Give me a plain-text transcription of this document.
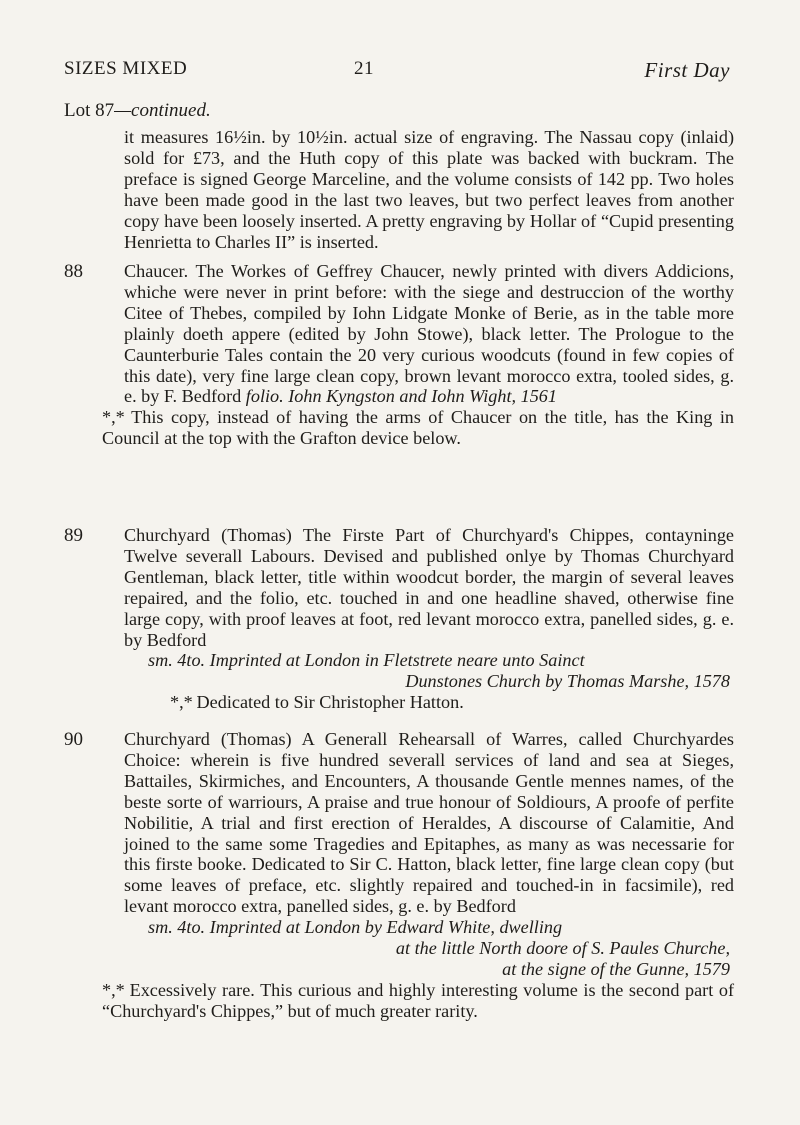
SIZES MIXED	21	First Day
Lot 87—continued.
it measures 16½in. by 10½in. actual size of engraving. The Nassau copy (inlaid) sold for £73, and the Huth copy of this plate was backed with buckram. The preface is signed George Marceline, and the volume consists of 142 pp. Two holes have been made good in the last two leaves, but two perfect leaves from another copy have been loosely inserted. A pretty engraving by Hollar of “Cupid presenting Henrietta to Charles II” is inserted.
88	Chaucer. The Workes of Geffrey Chaucer, newly printed with divers Addicions, whiche were never in print before: with the siege and destruccion of the worthy Citee of Thebes, compiled by Iohn Lidgate Monke of Berie, as in the table more plainly doeth appere (edited by John Stowe), black letter. The Prologue to the Caunterburie Tales contain the 20 very curious woodcuts (found in few copies of this date), very fine large clean copy, brown levant morocco extra, tooled sides, g. e. by F. Bedford folio. Iohn Kyngston and Iohn Wight, 1561
*,* This copy, instead of having the arms of Chaucer on the title, has the King in Council at the top with the Grafton device below.
89	Churchyard (Thomas) The Firste Part of Churchyard's Chippes, contayninge Twelve severall Labours. Devised and published onlye by Thomas Churchyard Gentleman, black letter, title within woodcut border, the margin of several leaves repaired, and the folio, etc. touched in and one headline shaved, otherwise fine large copy, with proof leaves at foot, red levant morocco extra, panelled sides, g. e. by Bedford
sm. 4to. Imprinted at London in Fletstrete neare unto Sainct
Dunstones Church by Thomas Marshe, 1578
*,* Dedicated to Sir Christopher Hatton.
90	Churchyard (Thomas) A Generall Rehearsall of Warres, called Churchyardes Choice: wherein is five hundred severall services of land and sea at Sieges, Battailes, Skirmiches, and Encounters, A thousande Gentle mennes names, of the beste sorte of warriours, A praise and true honour of Soldiours, A proofe of perfite Nobilitie, A trial and first erection of Heraldes, A discourse of Calamitie, And joined to the same some Tragedies and Epitaphes, as many as was necessarie for this firste booke. Dedicated to Sir C. Hatton, black letter, fine large clean copy (but some leaves of preface, etc. slightly repaired and touched-in in facsimile), red levant morocco extra, panelled sides, g. e. by Bedford
sm. 4to. Imprinted at London by Edward White, dwelling
at the little North doore of S. Paules Churche,
at the signe of the Gunne, 1579
*,* Excessively rare. This curious and highly interesting volume is the second part of “Churchyard's Chippes,” but of much greater rarity.
